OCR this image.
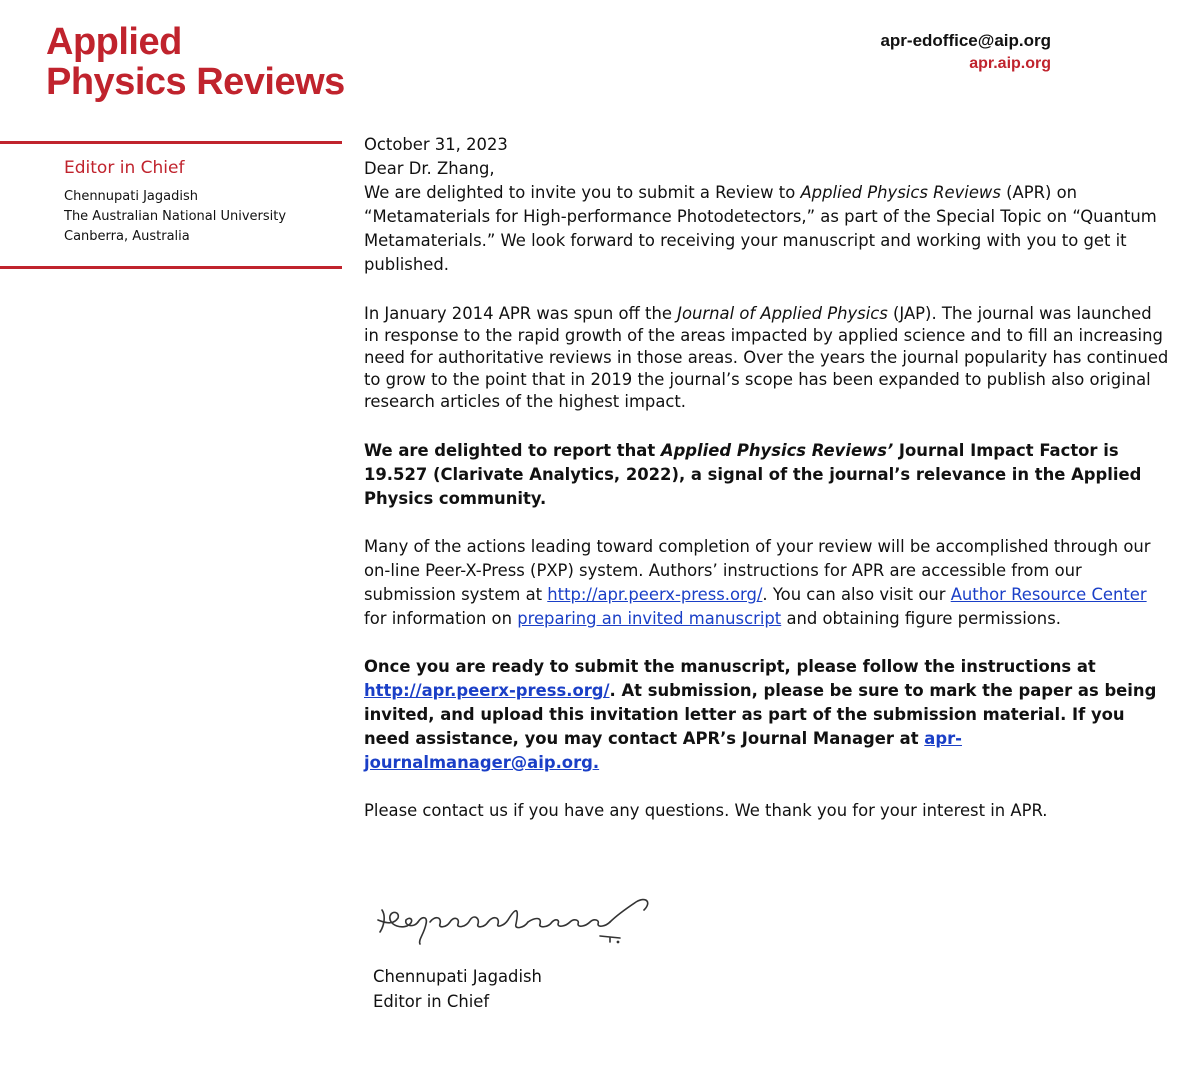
Applied
Physics Reviews
apr-edoffice@aip.org
apr.aip.org
Editor in Chief
Chennupati Jagadish
The Australian National University
Canberra, Australia

October 31, 2023

Dear Dr. Zhang,

We are delighted to invite you to submit a Review to Applied Physics Reviews (APR) on “Metamaterials for High-performance Photodetectors,” as part of the Special Topic on “Quantum Metamaterials.” We look forward to receiving your manuscript and working with you to get it published.

In January 2014 APR was spun off the Journal of Applied Physics (JAP). The journal was launched in response to the rapid growth of the areas impacted by applied science and to fill an increasing need for authoritative reviews in those areas. Over the years the journal popularity has continued to grow to the point that in 2019 the journal’s scope has been expanded to publish also original research articles of the highest impact.

We are delighted to report that Applied Physics Reviews’ Journal Impact Factor is 19.527 (Clarivate Analytics, 2022), a signal of the journal’s relevance in the Applied Physics community.

Many of the actions leading toward completion of your review will be accomplished through our on-line Peer-X-Press (PXP) system. Authors’ instructions for APR are accessible from our submission system at http://apr.peerx-press.org/. You can also visit our Author Resource Center for information on preparing an invited manuscript and obtaining figure permissions.

Once you are ready to submit the manuscript, please follow the instructions at http://apr.peerx-press.org/. At submission, please be sure to mark the paper as being invited, and upload this invitation letter as part of the submission material. If you need assistance, you may contact APR’s Journal Manager at apr-journalmanager@aip.org.

Please contact us if you have any questions. We thank you for your interest in APR.

Chennupati Jagadish
Editor in Chief
